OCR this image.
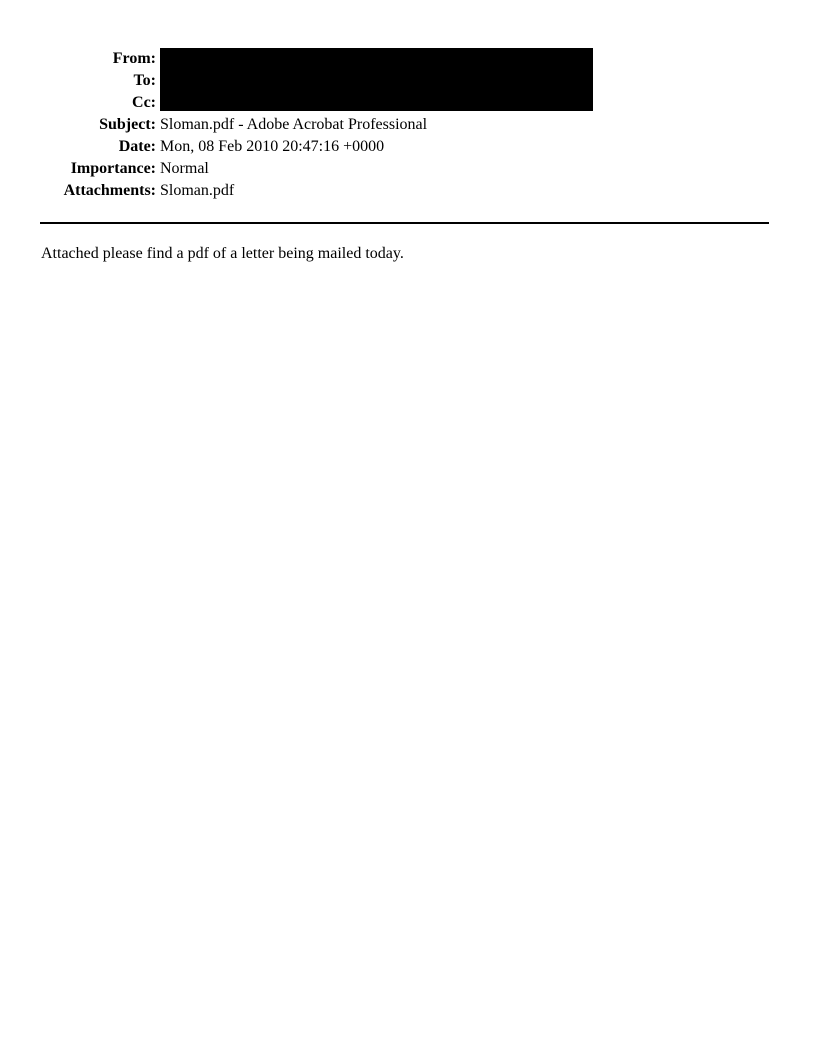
From:
To:
Cc:
Subject: Sloman.pdf - Adobe Acrobat Professional
Date: Mon, 08 Feb 2010 20:47:16 +0000
Importance: Normal
Attachments: Sloman.pdf
Attached please find a pdf of a letter being mailed today.
